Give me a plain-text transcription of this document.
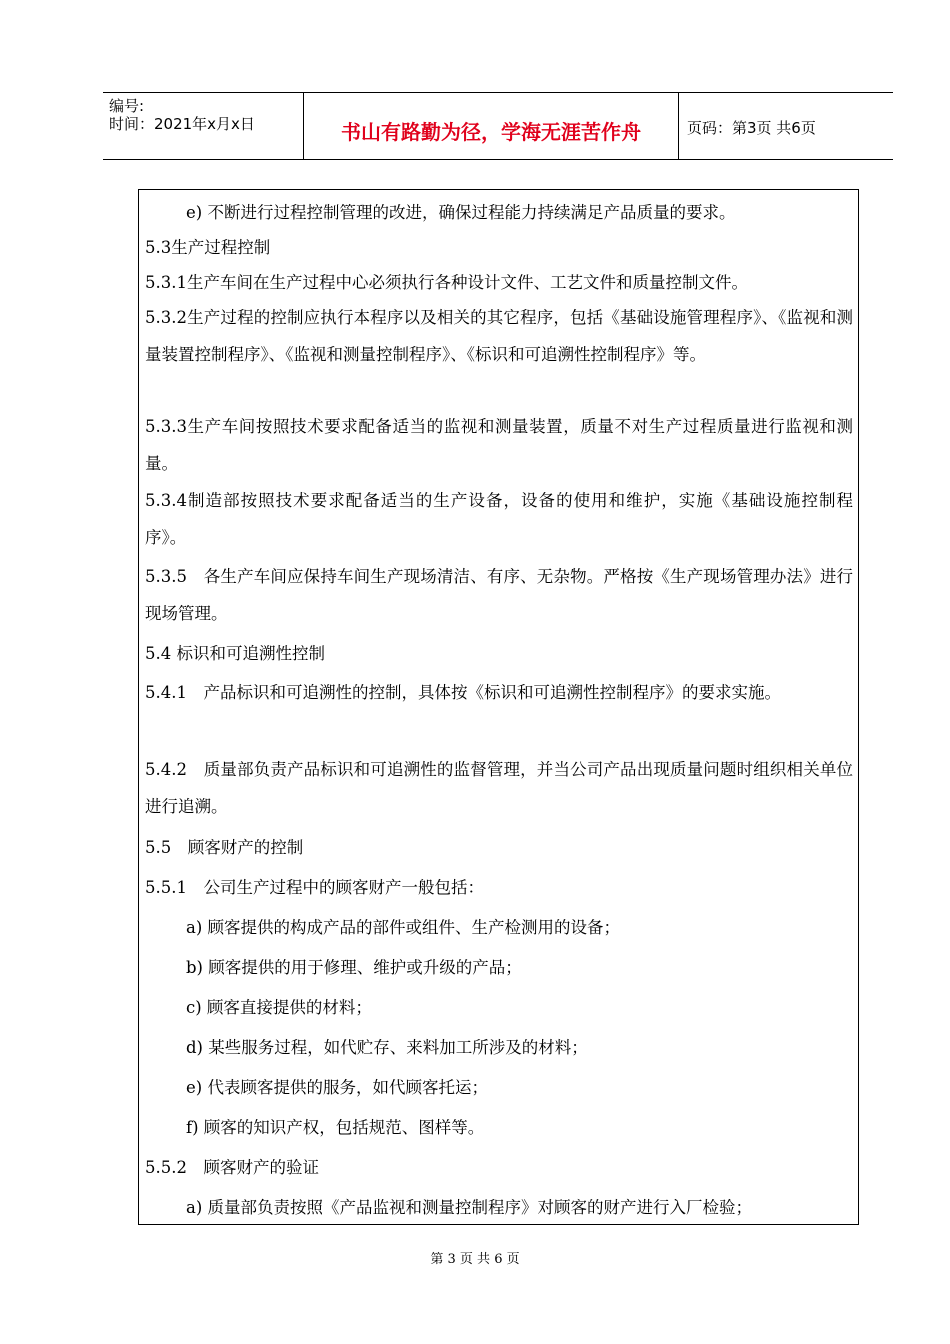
编号:
时间：2021年x月x日	书山有路勤为径，学海无涯苦作舟	页码：第3页 共6页
e) 不断进行过程控制管理的改进，确保过程能力持续满足产品质量的要求。
5.3生产过程控制
5.3.1生产车间在生产过程中心必须执行各种设计文件、工艺文件和质量控制文件。
5.3.2生产过程的控制应执行本程序以及相关的其它程序，包括《基础设施管理程序》、《监视和测量装置控制程序》、《监视和测量控制程序》、《标识和可追溯性控制程序》等。
5.3.3生产车间按照技术要求配备适当的监视和测量装置，质量不对生产过程质量进行监视和测量。
5.3.4制造部按照技术要求配备适当的生产设备，设备的使用和维护，实施《基础设施控制程序》。
5.3.5　各生产车间应保持车间生产现场清洁、有序、无杂物。严格按《生产现场管理办法》进行现场管理。
5.4 标识和可追溯性控制
5.4.1　产品标识和可追溯性的控制，具体按《标识和可追溯性控制程序》的要求实施。
5.4.2　质量部负责产品标识和可追溯性的监督管理，并当公司产品出现质量问题时组织相关单位进行追溯。
5.5　顾客财产的控制
5.5.1　公司生产过程中的顾客财产一般包括：
a) 顾客提供的构成产品的部件或组件、生产检测用的设备；
b) 顾客提供的用于修理、维护或升级的产品；
c) 顾客直接提供的材料；
d) 某些服务过程，如代贮存、来料加工所涉及的材料；
e) 代表顾客提供的服务，如代顾客托运；
f) 顾客的知识产权，包括规范、图样等。
5.5.2　顾客财产的验证
a) 质量部负责按照《产品监视和测量控制程序》对顾客的财产进行入厂检验；
第 3 页 共 6 页
